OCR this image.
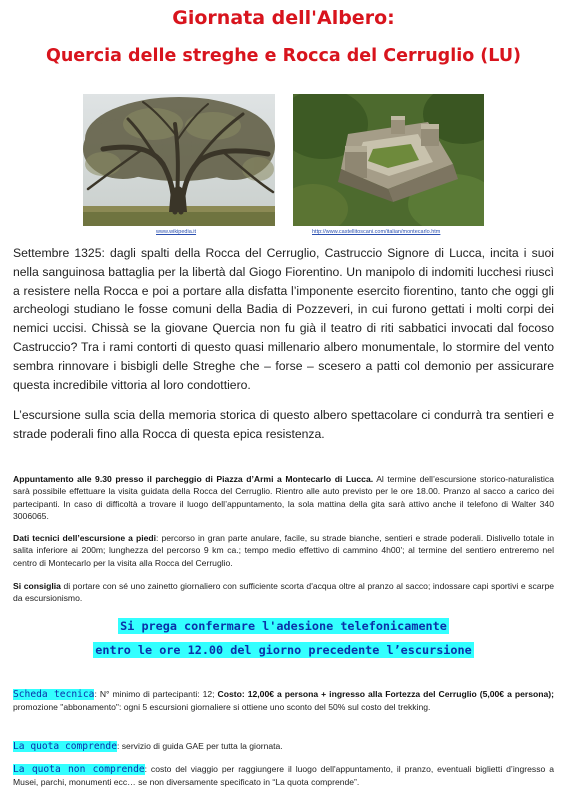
Giornata dell'Albero:
Quercia delle streghe e Rocca del Cerruglio (LU)
www.wikipedia.it	http://www.castellitoscani.com/italian/montecarlo.htm

Settembre 1325: dagli spalti della Rocca del Cerruglio, Castruccio Signore di Lucca, incita i suoi nella sanguinosa battaglia per la libertà dal Giogo Fiorentino. Un manipolo di indomiti lucchesi riuscì a resistere nella Rocca e poi a portare alla disfatta l’imponente esercito fiorentino, tanto che oggi gli archeologi studiano le fosse comuni della Badia di Pozzeveri, in cui furono gettati i molti corpi dei nemici uccisi. Chissà se la giovane Quercia non fu già il teatro di riti sabbatici invocati dal focoso Castruccio? Tra i rami contorti di questo quasi millenario albero monumentale, lo stormire del vento sembra rinnovare i bisbigli delle Streghe che – forse – scesero a patti col demonio per assicurare questa incredibile vittoria al loro condottiero.

L’escursione sulla scia della memoria storica di questo albero spettacolare ci condurrà tra sentieri e strade poderali fino alla Rocca di questa epica resistenza.

Appuntamento alle 9.30 presso il parcheggio di Piazza d’Armi a Montecarlo di Lucca. Al termine dell’escursione storico-naturalistica sarà possibile effettuare la visita guidata della Rocca del Cerruglio. Rientro alle auto previsto per le ore 18.00. Pranzo al sacco a carico dei partecipanti. In caso di difficoltà a trovare il luogo dell’appuntamento, la sola mattina della gita sarà attivo anche il telefono di Walter 340 3006065.

Dati tecnici dell’escursione a piedi: percorso in gran parte anulare, facile, su strade bianche, sentieri e strade poderali. Dislivello totale in salita inferiore ai 200m; lunghezza del percorso 9 km ca.; tempo medio effettivo di cammino 4h00'; al termine del sentiero entreremo nel centro di Montecarlo per la visita alla Rocca del Cerruglio.

Si consiglia di portare con sé uno zainetto giornaliero con sufficiente scorta d'acqua oltre al pranzo al sacco; indossare capi sportivi e scarpe da escursionismo.

Si prega confermare l'adesione telefonicamente
entro le ore 12.00 del giorno precedente l’escursione

Scheda tecnica: N° minimo di partecipanti: 12; Costo: 12,00€ a persona + ingresso alla Fortezza del Cerruglio (5,00€ a persona); promozione "abbonamento": ogni 5 escursioni giornaliere si ottiene uno sconto del 50% sul costo del trekking.

La quota comprende: servizio di guida GAE per tutta la giornata.

La quota non comprende: costo del viaggio per raggiungere il luogo dell'appuntamento, il pranzo, eventuali biglietti d’ingresso a Musei, parchi, monumenti ecc… se non diversamente specificato in “La quota comprende”.
